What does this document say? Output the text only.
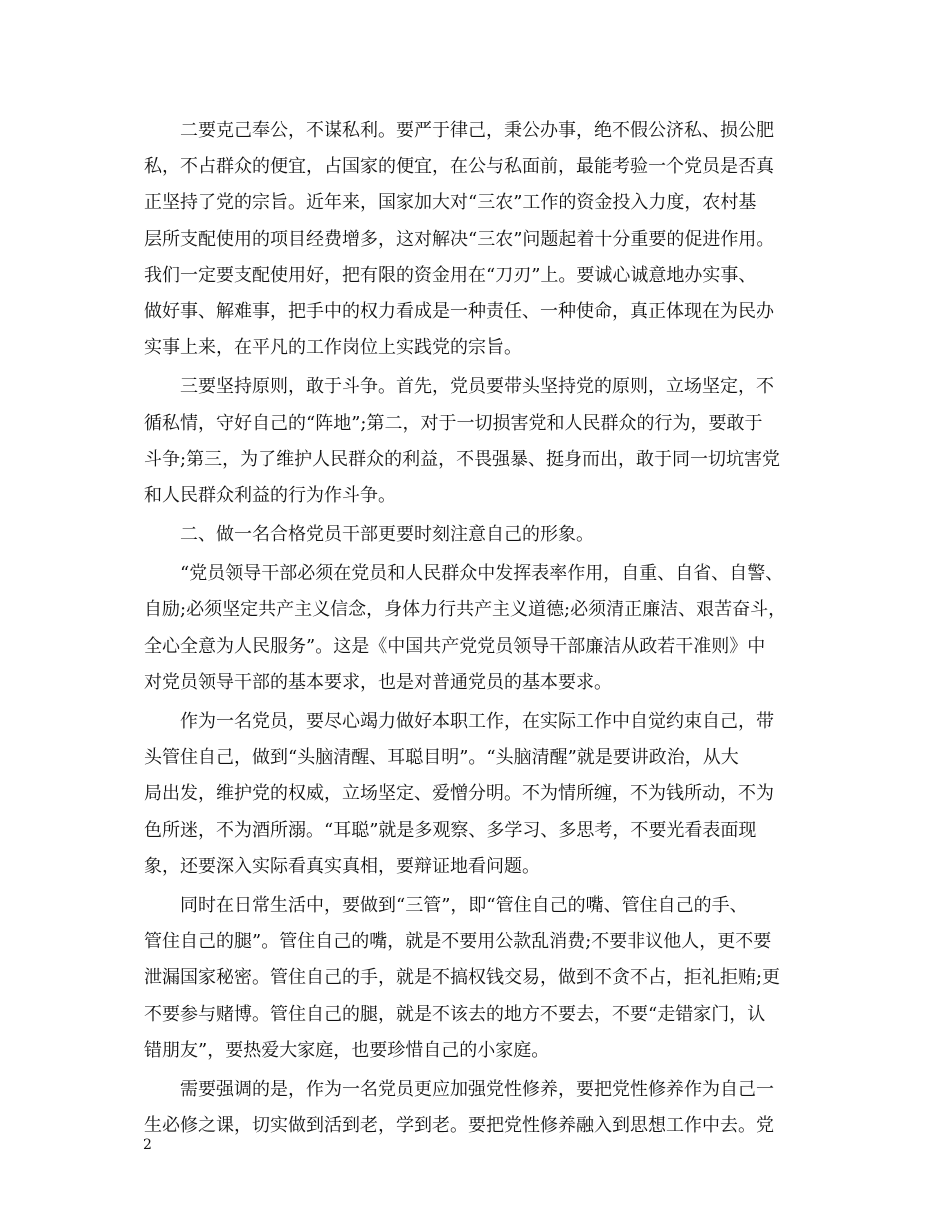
　　二要克己奉公，不谋私利。要严于律己，秉公办事，绝不假公济私、损公肥
私，不占群众的便宜，占国家的便宜，在公与私面前，最能考验一个党员是否真
正坚持了党的宗旨。近年来，国家加大对“三农”工作的资金投入力度，农村基
层所支配使用的项目经费增多，这对解决“三农”问题起着十分重要的促进作用。
我们一定要支配使用好，把有限的资金用在“刀刃”上。要诚心诚意地办实事、
做好事、解难事，把手中的权力看成是一种责任、一种使命，真正体现在为民办
实事上来，在平凡的工作岗位上实践党的宗旨。
　　三要坚持原则，敢于斗争。首先，党员要带头坚持党的原则，立场坚定，不
循私情，守好自己的“阵地”;第二，对于一切损害党和人民群众的行为，要敢于
斗争;第三，为了维护人民群众的利益，不畏强暴、挺身而出，敢于同一切坑害党
和人民群众利益的行为作斗争。
　　二、做一名合格党员干部更要时刻注意自己的形象。
　　“党员领导干部必须在党员和人民群众中发挥表率作用，自重、自省、自警、
自励;必须坚定共产主义信念，身体力行共产主义道德;必须清正廉洁、艰苦奋斗，
全心全意为人民服务”。这是《中国共产党党员领导干部廉洁从政若干准则》中
对党员领导干部的基本要求，也是对普通党员的基本要求。
　　作为一名党员，要尽心竭力做好本职工作，在实际工作中自觉约束自己，带
头管住自己，做到“头脑清醒、耳聪目明”。“头脑清醒”就是要讲政治，从大
局出发，维护党的权威，立场坚定、爱憎分明。不为情所缠，不为钱所动，不为
色所迷，不为酒所溺。“耳聪”就是多观察、多学习、多思考，不要光看表面现
象，还要深入实际看真实真相，要辩证地看问题。
　　同时在日常生活中，要做到“三管”，即“管住自己的嘴、管住自己的手、
管住自己的腿”。管住自己的嘴，就是不要用公款乱消费;不要非议他人，更不要
泄漏国家秘密。管住自己的手，就是不搞权钱交易，做到不贪不占，拒礼拒贿;更
不要参与赌博。管住自己的腿，就是不该去的地方不要去，不要“走错家门，认
错朋友”，要热爱大家庭，也要珍惜自己的小家庭。
　　需要强调的是，作为一名党员更应加强党性修养，要把党性修养作为自己一
生必修之课，切实做到活到老，学到老。要把党性修养融入到思想工作中去。党
2
